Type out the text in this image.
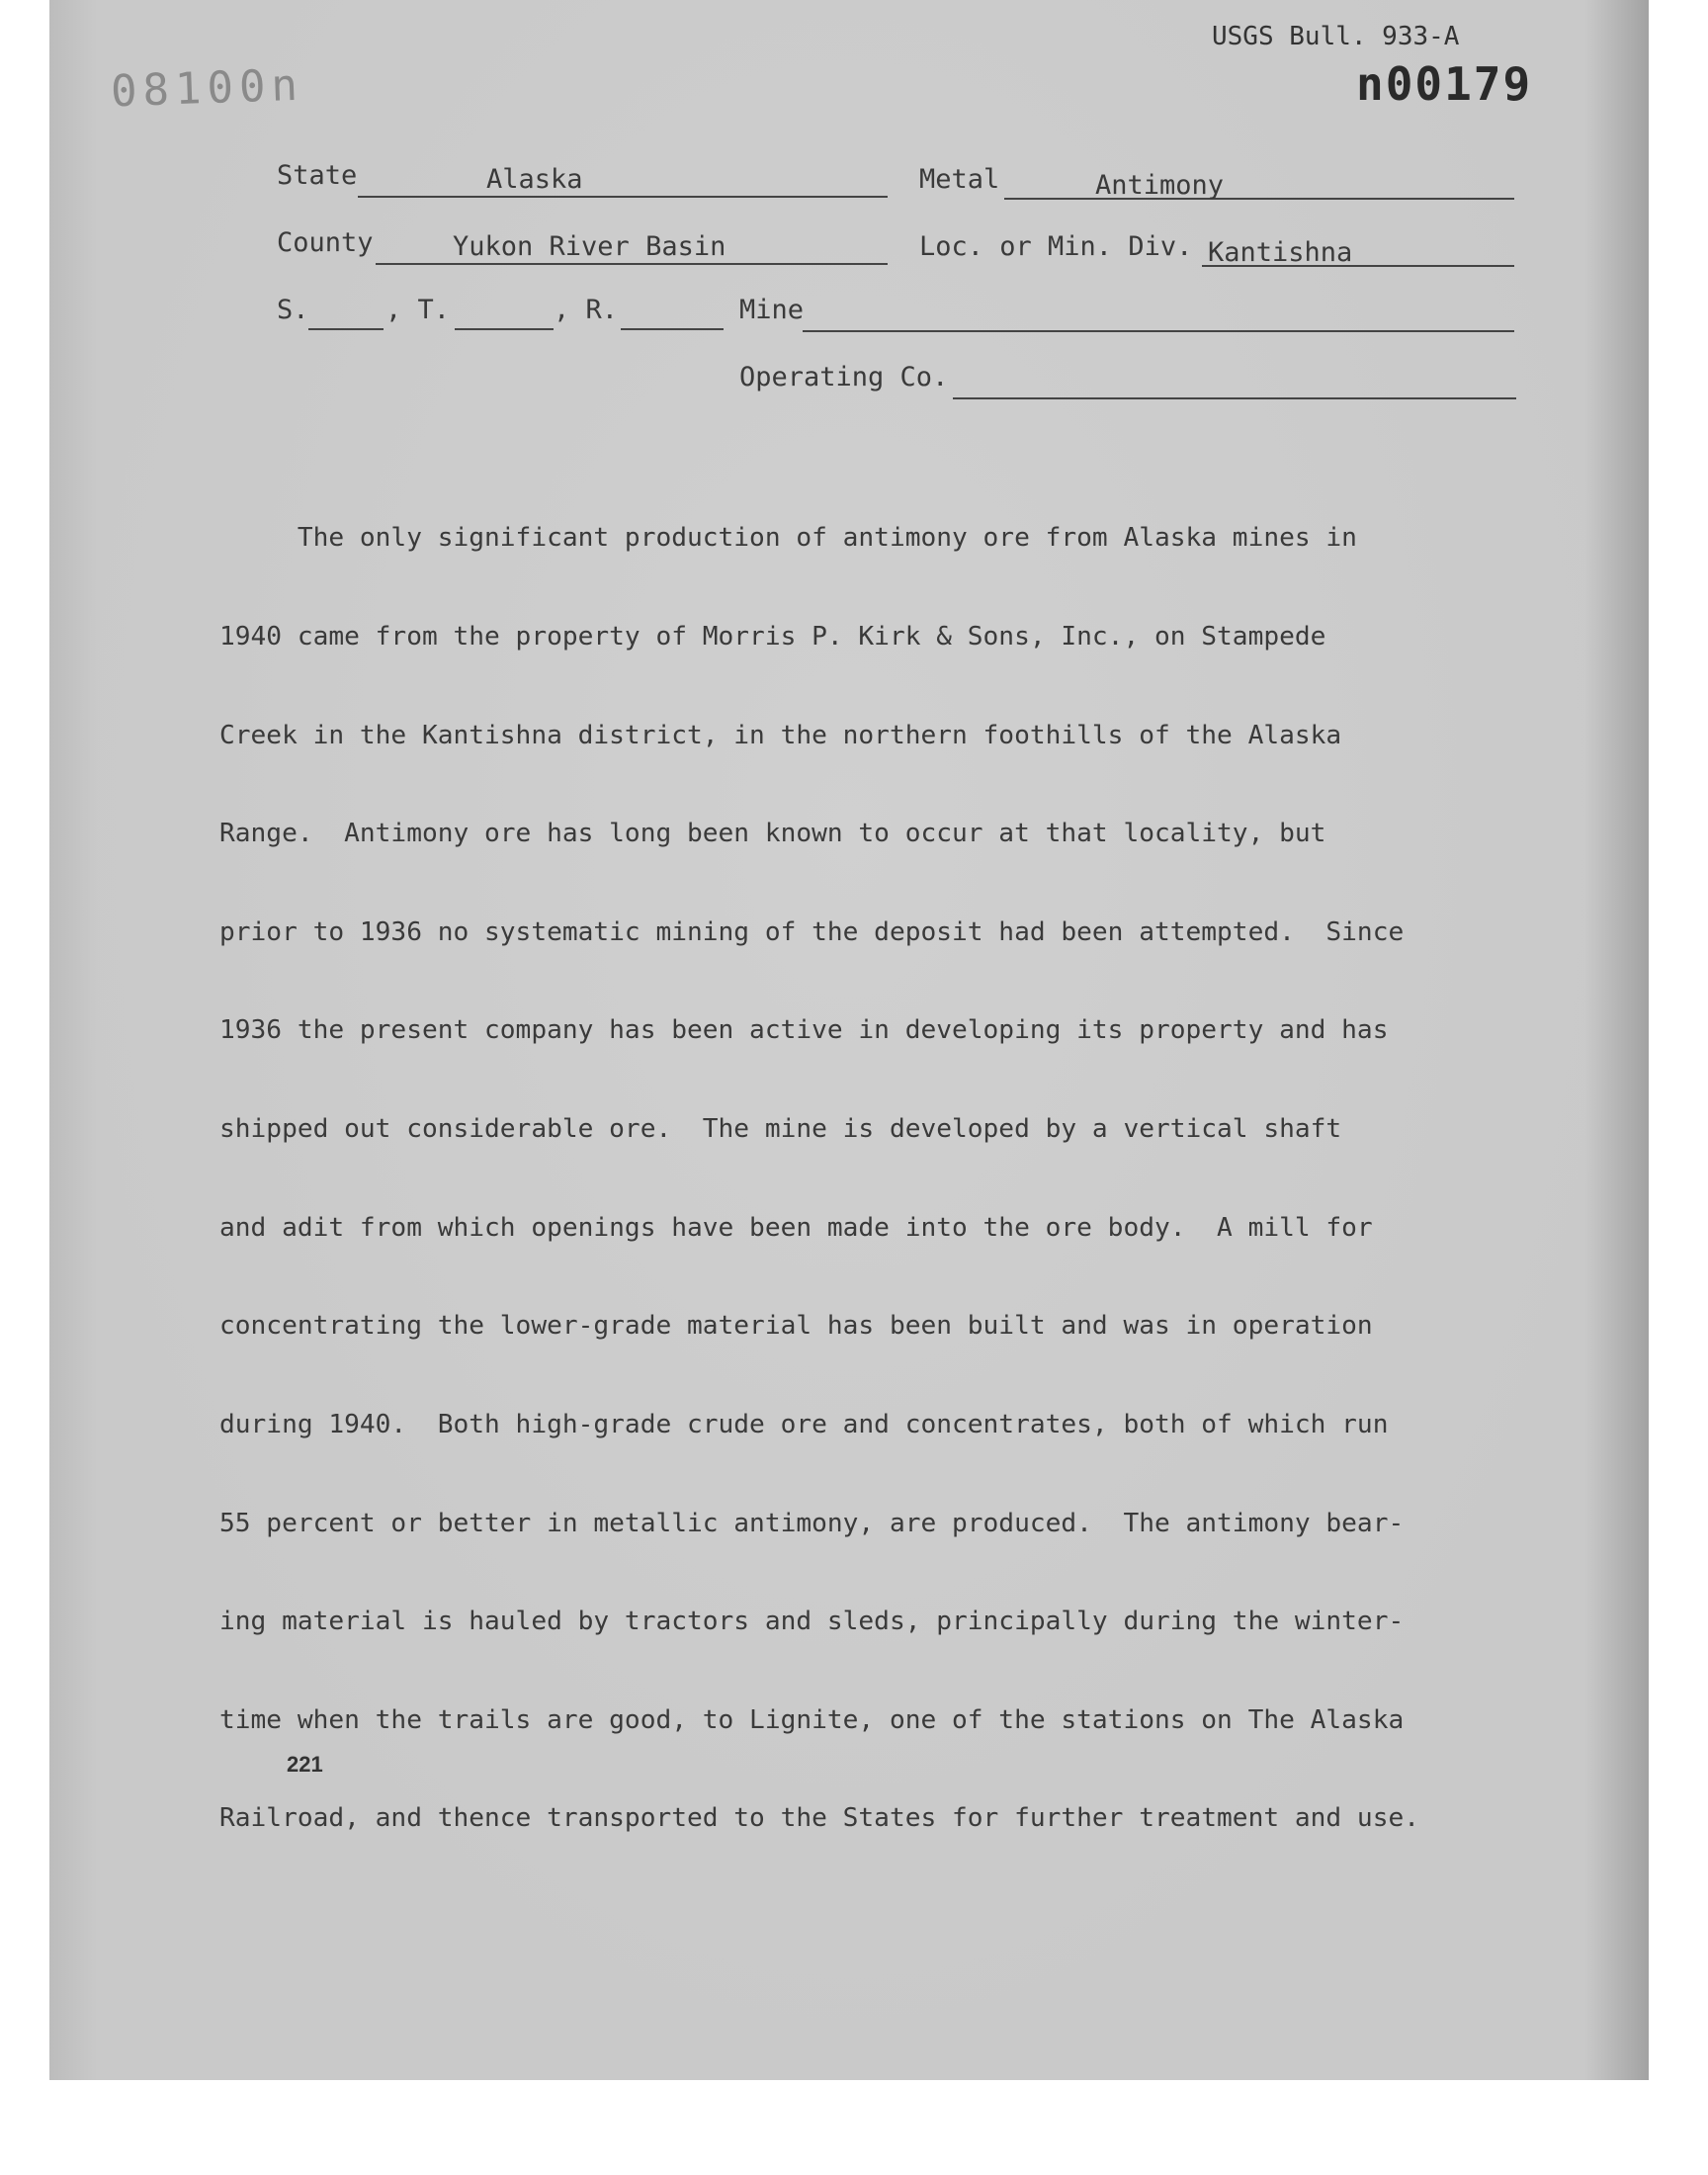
08100n
USGS Bull. 933-A
n00179
State	Alaska	Metal	Antimony
County	Yukon River Basin	Loc. or Min. Div. Kantishna
S.	, T.	, R.	Mine
Operating Co.

The only significant production of antimony ore from Alaska mines in

1940 came from the property of Morris P. Kirk & Sons, Inc., on Stampede

Creek in the Kantishna district, in the northern foothills of the Alaska

Range.  Antimony ore has long been known to occur at that locality, but

prior to 1936 no systematic mining of the deposit had been attempted.  Since

1936 the present company has been active in developing its property and has

shipped out considerable ore.  The mine is developed by a vertical shaft

and adit from which openings have been made into the ore body.  A mill for

concentrating the lower-grade material has been built and was in operation

during 1940.  Both high-grade crude ore and concentrates, both of which run

55 percent or better in metallic antimony, are produced.  The antimony bear-

ing material is hauled by tractors and sleds, principally during the winter-

time when the trails are good, to Lignite, one of the stations on The Alaska

Railroad, and thence transported to the States for further treatment and use.

221
